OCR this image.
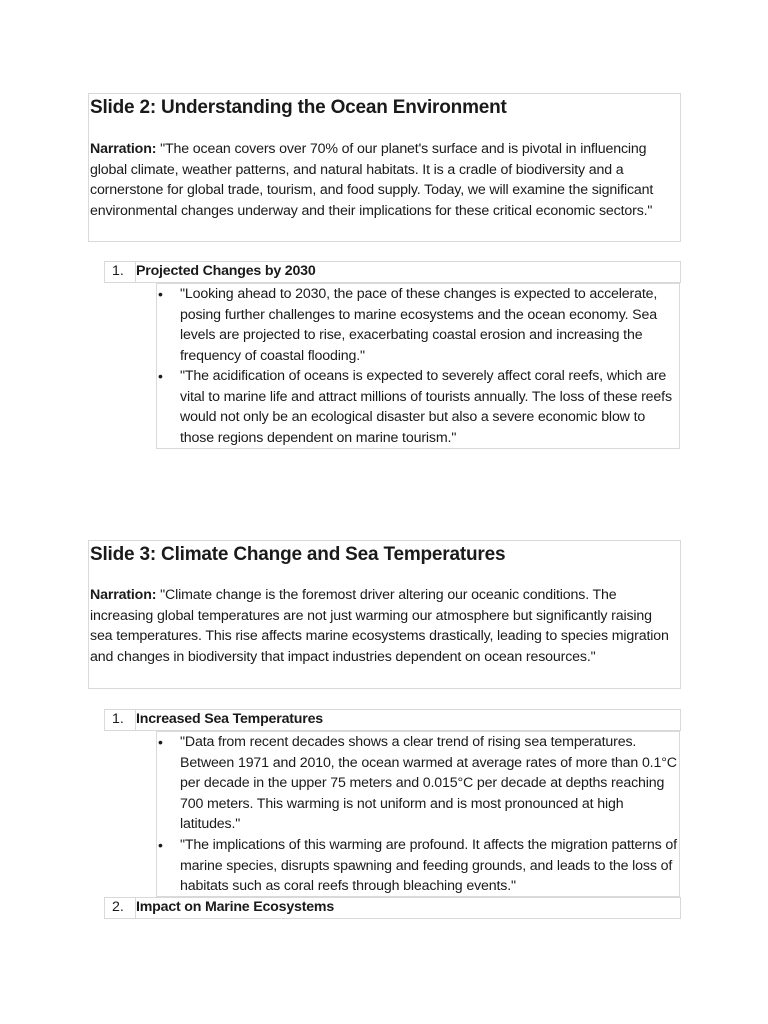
Slide 2: Understanding the Ocean Environment

Narration: "The ocean covers over 70% of our planet's surface and is pivotal in influencing global climate, weather patterns, and natural habitats. It is a cradle of biodiversity and a cornerstone for global trade, tourism, and food supply. Today, we will examine the significant environmental changes underway and their implications for these critical economic sectors."

1. Projected Changes by 2030
• "Looking ahead to 2030, the pace of these changes is expected to accelerate, posing further challenges to marine ecosystems and the ocean economy. Sea levels are projected to rise, exacerbating coastal erosion and increasing the frequency of coastal flooding."

• "The acidification of oceans is expected to severely affect coral reefs, which are vital to marine life and attract millions of tourists annually. The loss of these reefs would not only be an ecological disaster but also a severe economic blow to those regions dependent on marine tourism."

Slide 3: Climate Change and Sea Temperatures

Narration: "Climate change is the foremost driver altering our oceanic conditions. The increasing global temperatures are not just warming our atmosphere but significantly raising sea temperatures. This rise affects marine ecosystems drastically, leading to species migration and changes in biodiversity that impact industries dependent on ocean resources."

1. Increased Sea Temperatures
• "Data from recent decades shows a clear trend of rising sea temperatures. Between 1971 and 2010, the ocean warmed at average rates of more than 0.1°C per decade in the upper 75 meters and 0.015°C per decade at depths reaching 700 meters. This warming is not uniform and is most pronounced at high latitudes."

• "The implications of this warming are profound. It affects the migration patterns of marine species, disrupts spawning and feeding grounds, and leads to the loss of habitats such as coral reefs through bleaching events."

2. Impact on Marine Ecosystems
